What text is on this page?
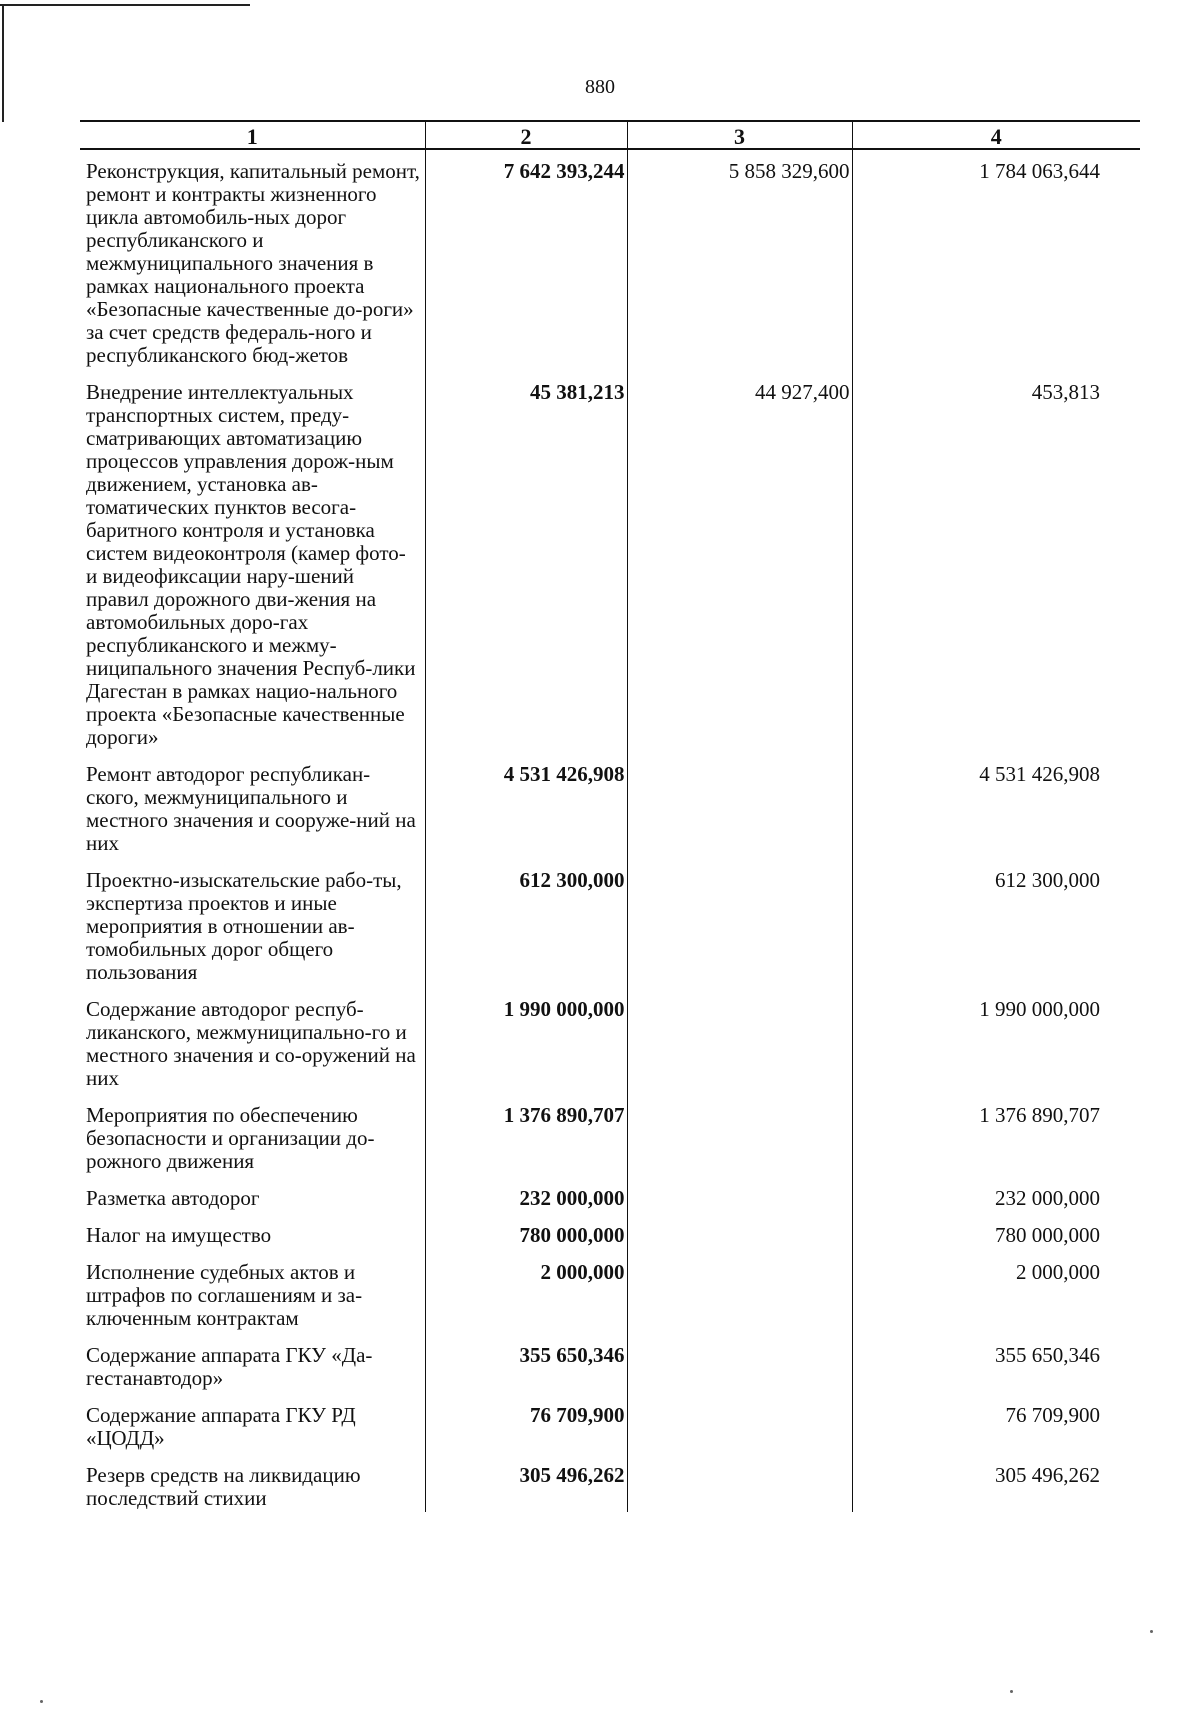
880
1	2	3	4
Реконструкция, капитальный ремонт, ремонт и контракты жизненного цикла автомобиль-ных дорог республиканского и межмуниципального значения в рамках национального проекта «Безопасные качественные до-роги» за счет средств федераль-ного и республиканского бюд-жетов	7 642 393,244	5 858 329,600	1 784 063,644
Внедрение интеллектуальных транспортных систем, преду-сматривающих автоматизацию процессов управления дорож-ным движением, установка ав-томатических пунктов весога-баритного контроля и установка систем видеоконтроля (камер фото- и видеофиксации нару-шений правил дорожного дви-жения на автомобильных доро-гах республиканского и межму-ниципального значения Респуб-лики Дагестан в рамках нацио-нального проекта «Безопасные качественные дороги»	45 381,213	44 927,400	453,813
Ремонт автодорог республикан-ского, межмуниципального и местного значения и сооруже-ний на них	4 531 426,908		4 531 426,908
Проектно-изыскательские рабо-ты, экспертиза проектов и иные мероприятия в отношении ав-томобильных дорог общего пользования	612 300,000		612 300,000
Содержание автодорог респуб-ликанского, межмуниципально-го и местного значения и со-оружений на них	1 990 000,000		1 990 000,000
Мероприятия по обеспечению безопасности и организации до-рожного движения	1 376 890,707		1 376 890,707
Разметка автодорог	232 000,000		232 000,000
Налог на имущество	780 000,000		780 000,000
Исполнение судебных актов и штрафов по соглашениям и за-ключенным контрактам	2 000,000		2 000,000
Содержание аппарата ГКУ «Да-гестанавтодор»	355 650,346		355 650,346
Содержание аппарата ГКУ РД «ЦОДД»	76 709,900		76 709,900
Резерв средств на ликвидацию последствий стихии	305 496,262		305 496,262
